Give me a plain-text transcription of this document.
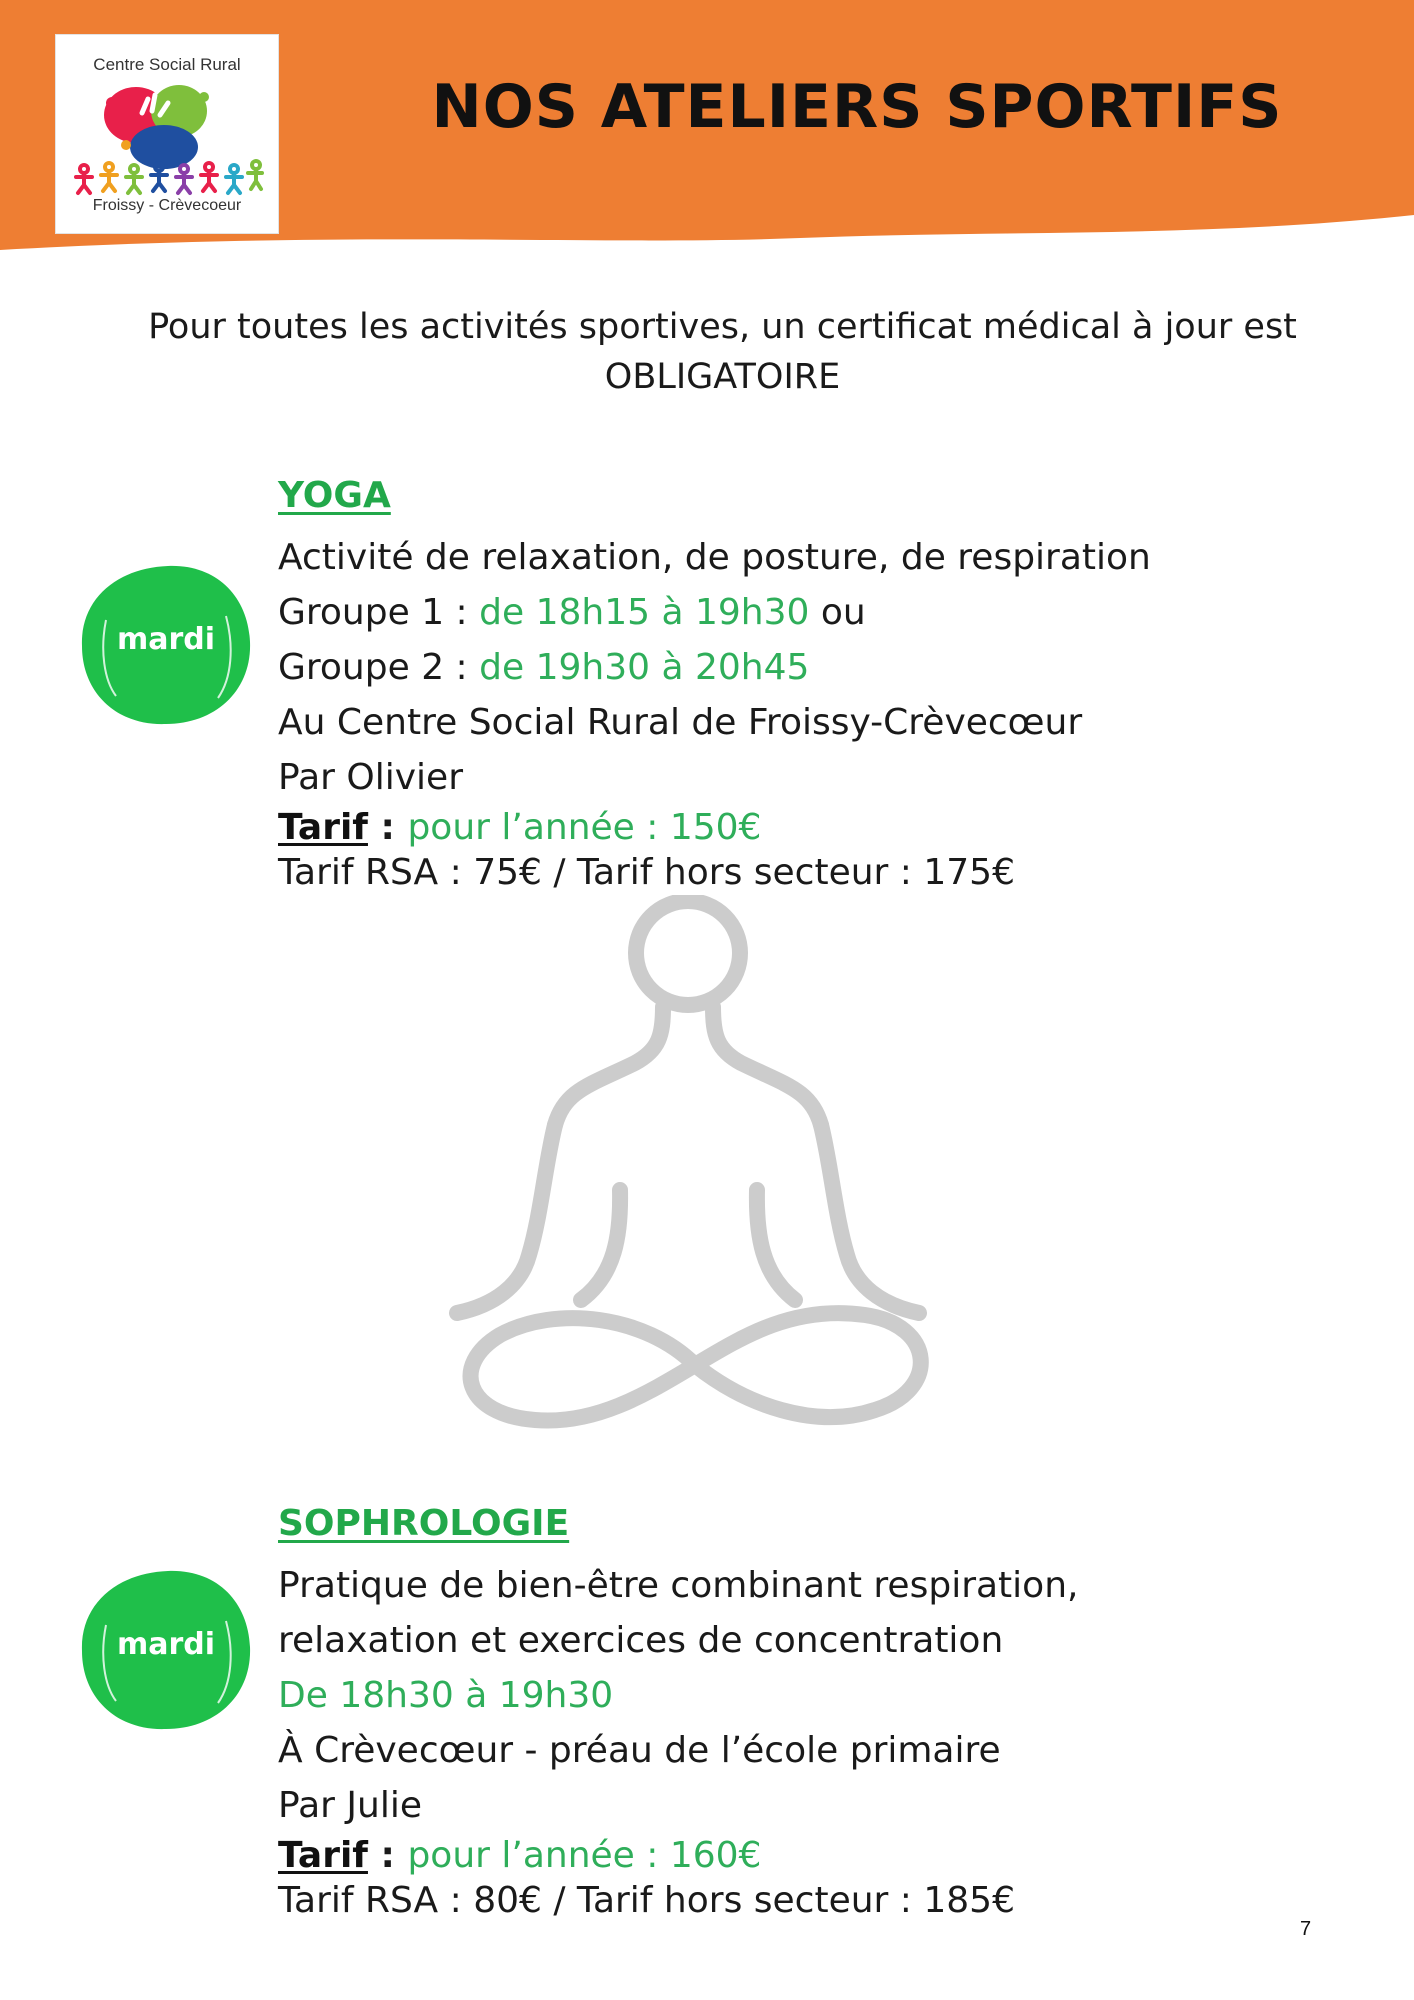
Centre Social Rural
Froissy - Crèvecoeur
NOS ATELIERS SPORTIFS
Pour toutes les activités sportives, un certificat médical à jour est
OBLIGATOIRE
mardi
YOGA
Activité de relaxation, de posture, de respiration
Groupe 1 : de 18h15 à 19h30 ou
Groupe 2 : de 19h30 à 20h45
Au Centre Social Rural de Froissy-Crèvecœur
Par Olivier
Tarif : pour l’année : 150€
Tarif RSA : 75€ / Tarif hors secteur : 175€
mardi
SOPHROLOGIE
Pratique de bien-être combinant respiration,
relaxation et exercices de concentration
De 18h30 à 19h30
À Crèvecœur - préau de l’école primaire
Par Julie
Tarif : pour l’année : 160€
Tarif RSA : 80€ / Tarif hors secteur : 185€
7
